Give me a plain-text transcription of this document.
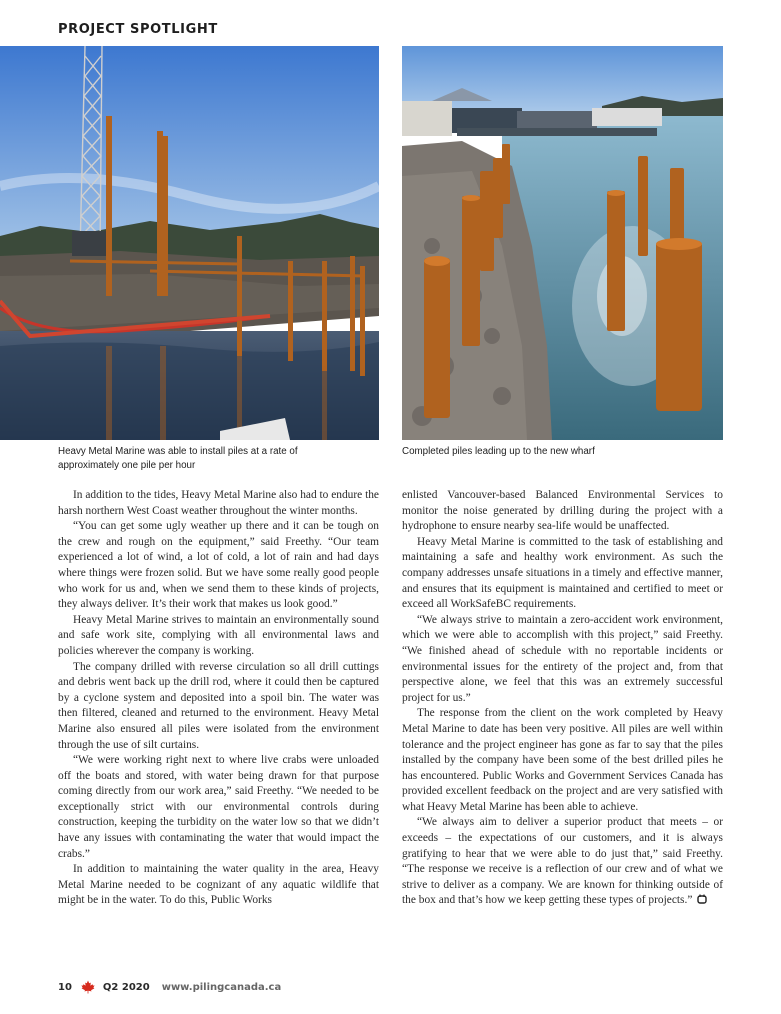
PROJECT SPOTLIGHT
Heavy Metal Marine was able to install piles at a rate of approximately one pile per hour
Completed piles leading up to the new wharf

In addition to the tides, Heavy Metal Marine also had to endure the harsh northern West Coast weather throughout the winter months.

“You can get some ugly weather up there and it can be tough on the crew and rough on the equipment,” said Freethy. “Our team experienced a lot of wind, a lot of cold, a lot of rain and had days where things were frozen solid. But we have some really good people who work for us and, when we send them to these kinds of projects, they always deliver. It’s their work that makes us look good.”

Heavy Metal Marine strives to maintain an environmentally sound and safe work site, complying with all environmental laws and policies wherever the company is working.

The company drilled with reverse circulation so all drill cuttings and debris went back up the drill rod, where it could then be captured by a cyclone system and deposited into a spoil bin. The water was then filtered, cleaned and returned to the environment. Heavy Metal Marine also ensured all piles were isolated from the environment through the use of silt curtains.

“We were working right next to where live crabs were unloaded off the boats and stored, with water being drawn for that purpose coming directly from our work area,” said Freethy. “We needed to be exceptionally strict with our environmental controls during construction, keeping the turbidity on the water low so that we didn’t have any issues with contaminating the water that would impact the crabs.”

In addition to maintaining the water quality in the area, Heavy Metal Marine needed to be cognizant of any aquatic wildlife that might be in the water. To do this, Public Works

enlisted Vancouver-based Balanced Environmental Services to monitor the noise generated by drilling during the project with a hydrophone to ensure nearby sea-life would be unaffected.

Heavy Metal Marine is committed to the task of establishing and maintaining a safe and healthy work environment. As such the company addresses unsafe situations in a timely and effective manner, and ensures that its equipment is maintained and certified to meet or exceed all WorkSafeBC requirements.

“We always strive to maintain a zero-accident work environment, which we were able to accomplish with this project,” said Freethy. “We finished ahead of schedule with no reportable incidents or environmental issues for the entirety of the project and, from that perspective alone, we feel that this was an extremely successful project for us.”

The response from the client on the work completed by Heavy Metal Marine to date has been very positive. All piles are well within tolerance and the project engineer has gone as far to say that the piles installed by the company have been some of the best drilled piles he has encountered. Public Works and Government Services Canada has provided excellent feedback on the project and are very satisfied with what Heavy Metal Marine has been able to achieve.

“We always aim to deliver a superior product that meets – or exceeds – the expectations of our customers, and it is always gratifying to hear that we were able to do just that,” said Freethy. “The response we receive is a reflection of our crew and of what we strive to deliver as a company. We are known for thinking outside of the box and that’s how we keep getting these types of projects.”

10	Q2 2020 www.pilingcanada.ca
